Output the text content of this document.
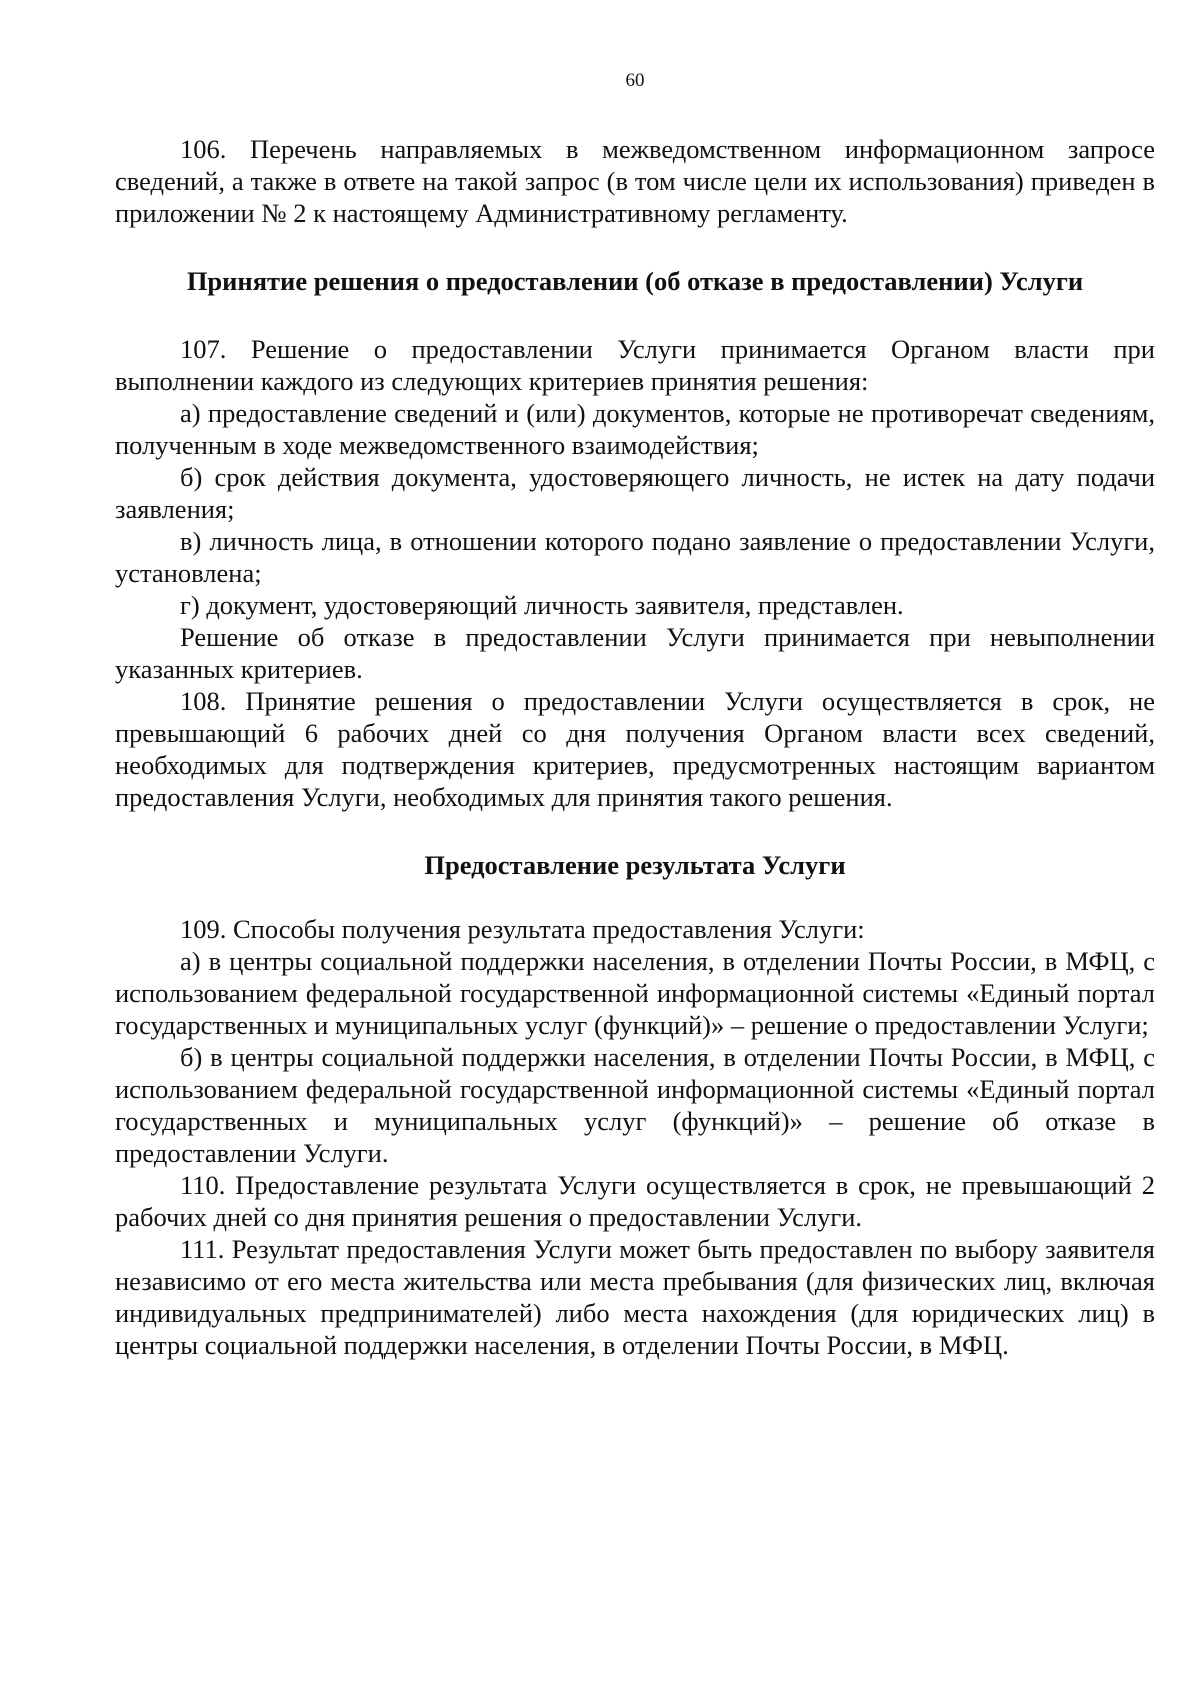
60

106. Перечень направляемых в межведомственном информационном запросе сведений, а также в ответе на такой запрос (в том числе цели их использования) приведен в приложении № 2 к настоящему Административному регламенту.

Принятие решения о предоставлении (об отказе в предоставлении) Услуги

107. Решение о предоставлении Услуги принимается Органом власти при выполнении каждого из следующих критериев принятия решения:

а) предоставление сведений и (или) документов, которые не противоречат сведениям, полученным в ходе межведомственного взаимодействия;

б) срок действия документа, удостоверяющего личность, не истек на дату подачи заявления;

в) личность лица, в отношении которого подано заявление о предоставлении Услуги, установлена;

г) документ, удостоверяющий личность заявителя, представлен.

Решение об отказе в предоставлении Услуги принимается при невыполнении указанных критериев.

108. Принятие решения о предоставлении Услуги осуществляется в срок, не превышающий 6 рабочих дней со дня получения Органом власти всех сведений, необходимых для подтверждения критериев, предусмотренных настоящим вариантом предоставления Услуги, необходимых для принятия такого решения.

Предоставление результата Услуги

109. Способы получения результата предоставления Услуги:

а) в центры социальной поддержки населения, в отделении Почты России, в МФЦ, с использованием федеральной государственной информационной системы «Единый портал государственных и муниципальных услуг (функций)» – решение о предоставлении Услуги;

б) в центры социальной поддержки населения, в отделении Почты России, в МФЦ, с использованием федеральной государственной информационной системы «Единый портал государственных и муниципальных услуг (функций)» – решение об отказе в предоставлении Услуги.

110. Предоставление результата Услуги осуществляется в срок, не превышающий 2 рабочих дней со дня принятия решения о предоставлении Услуги.

111. Результат предоставления Услуги может быть предоставлен по выбору заявителя независимо от его места жительства или места пребывания (для физических лиц, включая индивидуальных предпринимателей) либо места нахождения (для юридических лиц) в центры социальной поддержки населения, в отделении Почты России, в МФЦ.
